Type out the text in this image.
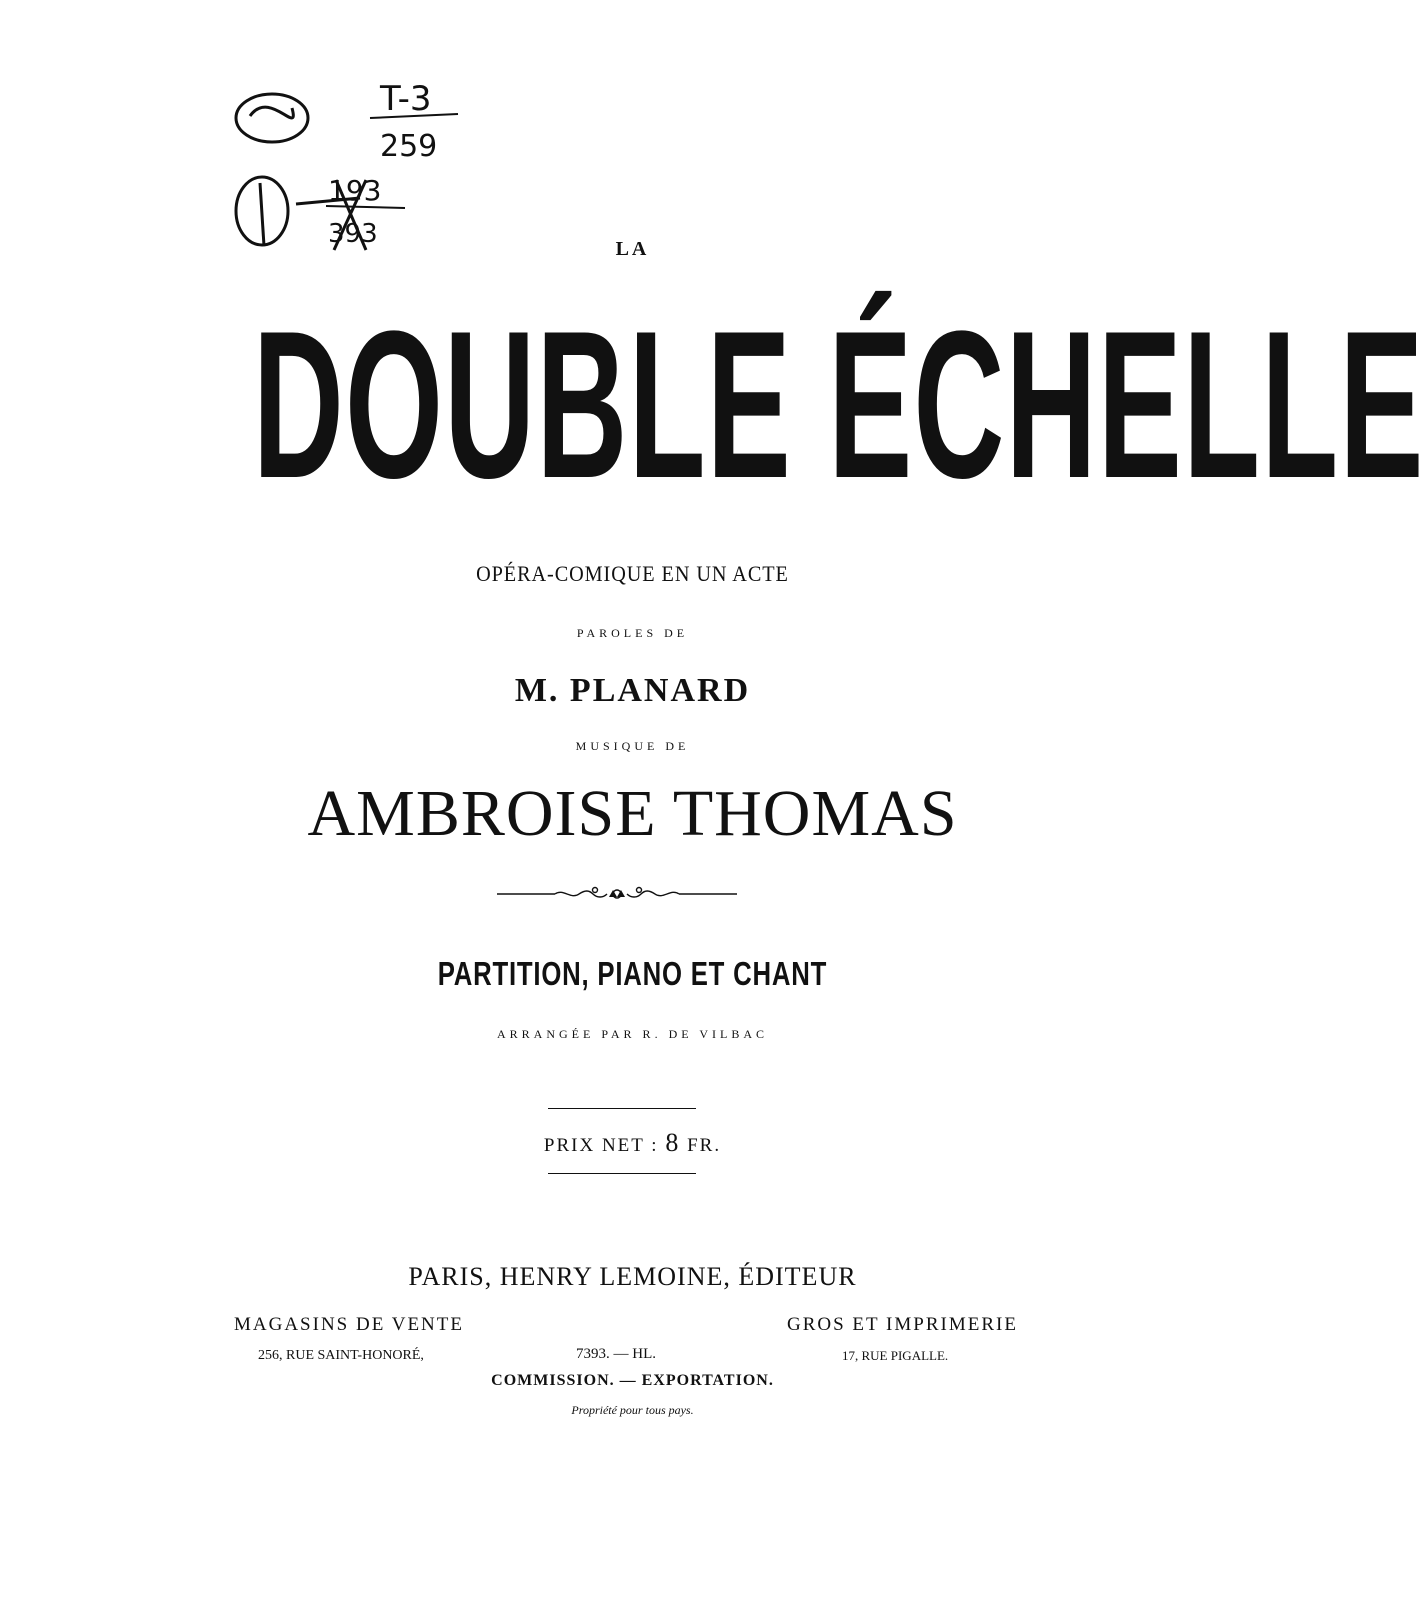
T-3
259
193
393	LA
DOUBLE ÉCHELLE
OPÉRA-COMIQUE EN UN ACTE
PAROLES DE
M. PLANARD
MUSIQUE DE
AMBROISE THOMAS
PARTITION, PIANO ET CHANT
ARRANGÉE PAR R. DE VILBAC
PRIX NET : 8 FR.
PARIS, HENRY LEMOINE, ÉDITEUR
MAGASINS DE VENTE	GROS ET IMPRIMERIE
256, RUE SAINT-HONORÉ,	7393. — HL.	17, RUE PIGALLE.
COMMISSION. — EXPORTATION.
Propriété pour tous pays.
